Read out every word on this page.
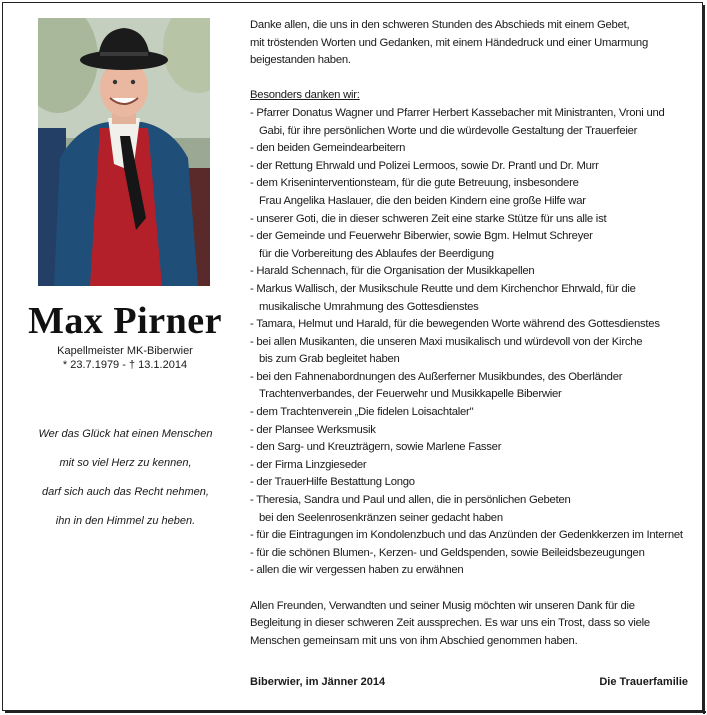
Max Pirner
Kapellmeister MK-Biberwier
* 23.7.1979 - † 13.1.2014
Wer das Glück hat einen Menschen
mit so viel Herz zu kennen,
darf sich auch das Recht nehmen,
ihn in den Himmel zu heben.

Danke allen, die uns in den schweren Stunden des Abschieds mit einem Gebet,

mit tröstenden Worten und Gedanken, mit einem Händedruck und einer Umarmung

beigestanden haben.

Besonders danken wir:

- Pfarrer Donatus Wagner und Pfarrer Herbert Kassebacher mit Ministranten, Vroni und

Gabi, für ihre persönlichen Worte und die würdevolle Gestaltung der Trauerfeier

- den beiden Gemeindearbeitern

- der Rettung Ehrwald und Polizei Lermoos, sowie Dr. Prantl und Dr. Murr

- dem Kriseninterventionsteam, für die gute Betreuung, insbesondere

Frau Angelika Haslauer, die den beiden Kindern eine große Hilfe war

- unserer Goti, die in dieser schweren Zeit eine starke Stütze für uns alle ist

- der Gemeinde und Feuerwehr Biberwier, sowie Bgm. Helmut Schreyer

für die Vorbereitung des Ablaufes der Beerdigung

- Harald Schennach, für die Organisation der Musikkapellen

- Markus Wallisch, der Musikschule Reutte und dem Kirchenchor Ehrwald, für die

musikalische Umrahmung des Gottesdienstes

- Tamara, Helmut und Harald, für die bewegenden Worte während des Gottesdienstes

- bei allen Musikanten, die unseren Maxi musikalisch und würdevoll von der Kirche

bis zum Grab begleitet haben

- bei den Fahnenabordnungen des Außerferner Musikbundes, des Oberländer

Trachtenverbandes, der Feuerwehr und Musikkapelle Biberwier

- dem Trachtenverein „Die fidelen Loisachtaler"

- der Plansee Werksmusik

- den Sarg- und Kreuzträgern, sowie Marlene Fasser

- der Firma Linzgieseder

- der TrauerHilfe Bestattung Longo

- Theresia, Sandra und Paul und allen, die in persönlichen Gebeten

bei den Seelenrosenkränzen seiner gedacht haben

- für die Eintragungen im Kondolenzbuch und das Anzünden der Gedenkkerzen im Internet

- für die schönen Blumen-, Kerzen- und Geldspenden, sowie Beileidsbezeugungen

- allen die wir vergessen haben zu erwähnen

Allen Freunden, Verwandten und seiner Musig möchten wir unseren Dank für die

Begleitung in dieser schweren Zeit aussprechen. Es war uns ein Trost, dass so viele

Menschen gemeinsam mit uns von ihm Abschied genommen haben.

Biberwier, im Jänner 2014	Die Trauerfamilie
